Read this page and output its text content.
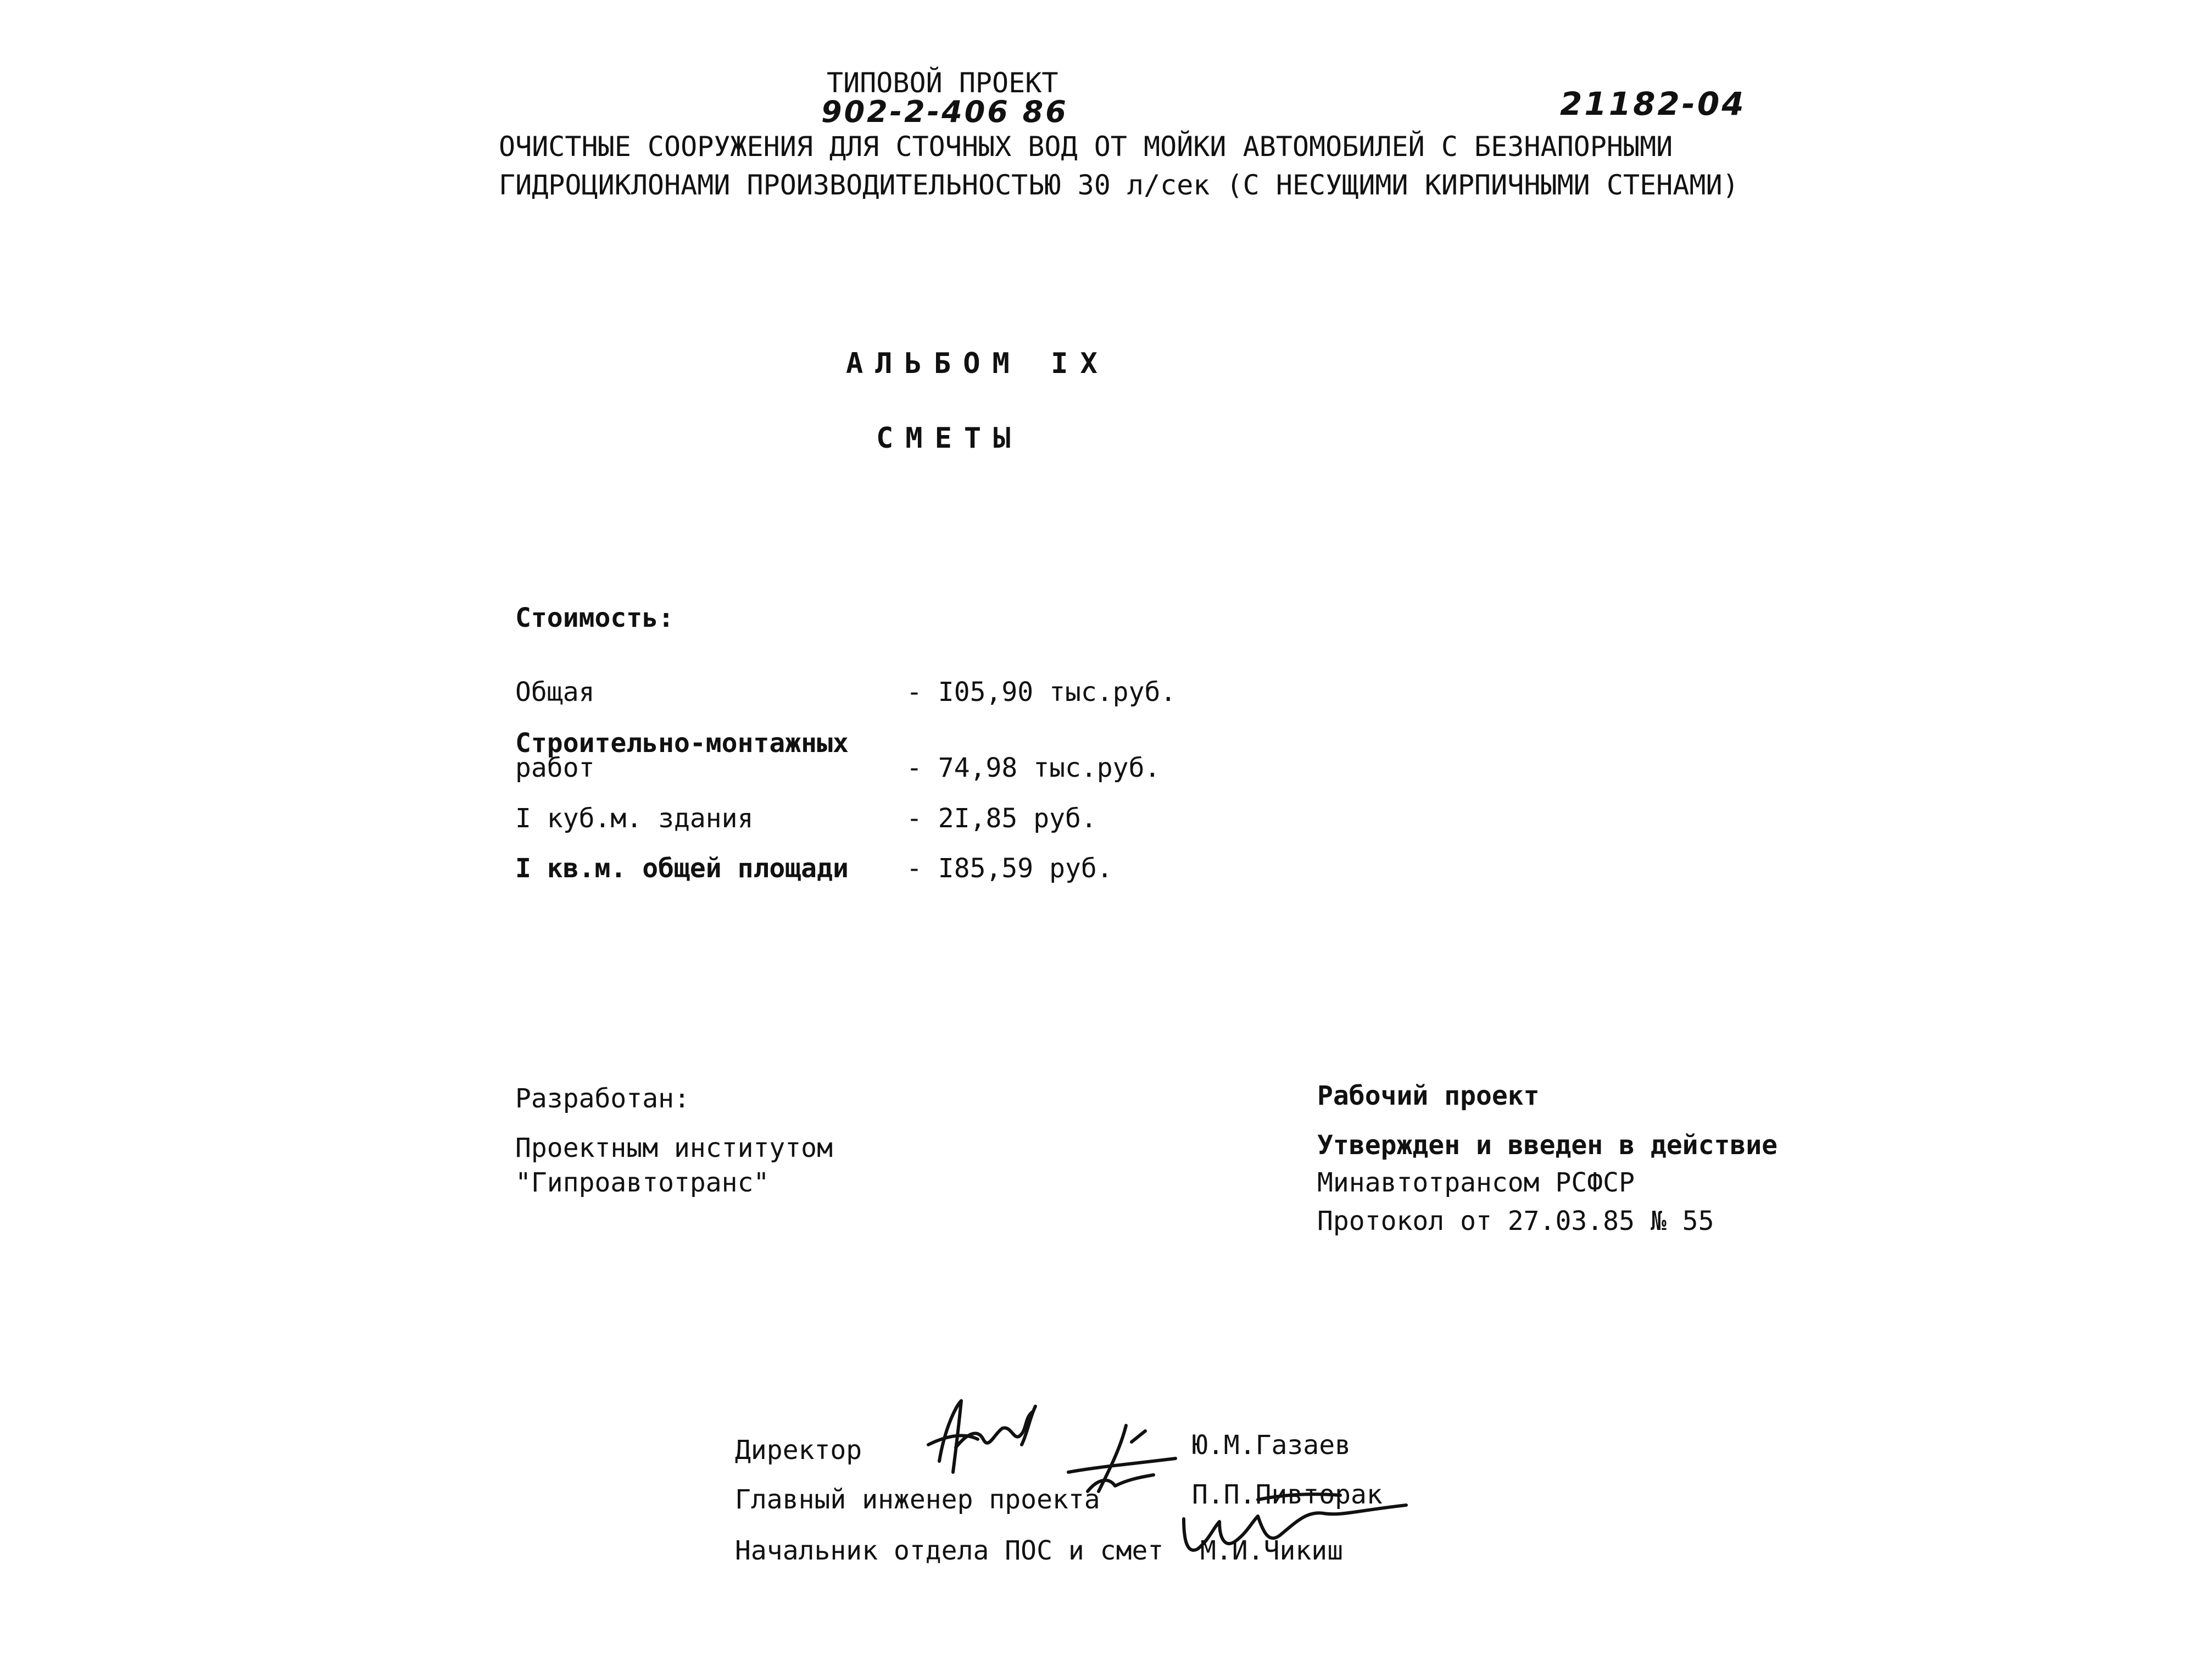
ТИПОВОЙ ПРОЕКТ
902-2-406 86	21182-04
ОЧИСТНЫЕ СООРУЖЕНИЯ ДЛЯ СТОЧНЫХ ВОД ОТ МОЙКИ АВТОМОБИЛЕЙ С БЕЗНАПОРНЫМИ
ГИДРОЦИКЛОНАМИ ПРОИЗВОДИТЕЛЬНОСТЬЮ 30 л/сек (С НЕСУЩИМИ КИРПИЧНЫМИ СТЕНАМИ)
АЛЬБОМ IX
СМЕТЫ
Стоимость:
Общая	- I05,90 тыс.руб.
Строительно-монтажных
работ	- 74,98 тыс.руб.
I куб.м. здания	- 2I,85 руб.
I кв.м. общей площади - I85,59 руб.
Разработан:
Проектным институтом
"Гипроавтотранс"
Рабочий проект
Утвержден и введен в действие
Минавтотрансом РСФСР
Протокол от 27.03.85 № 55
Директор	Ю.М.Газаев
Главный инженер проекта	П.П.Пивторак
Начальник отдела ПОС и смет М.И.Чикиш
